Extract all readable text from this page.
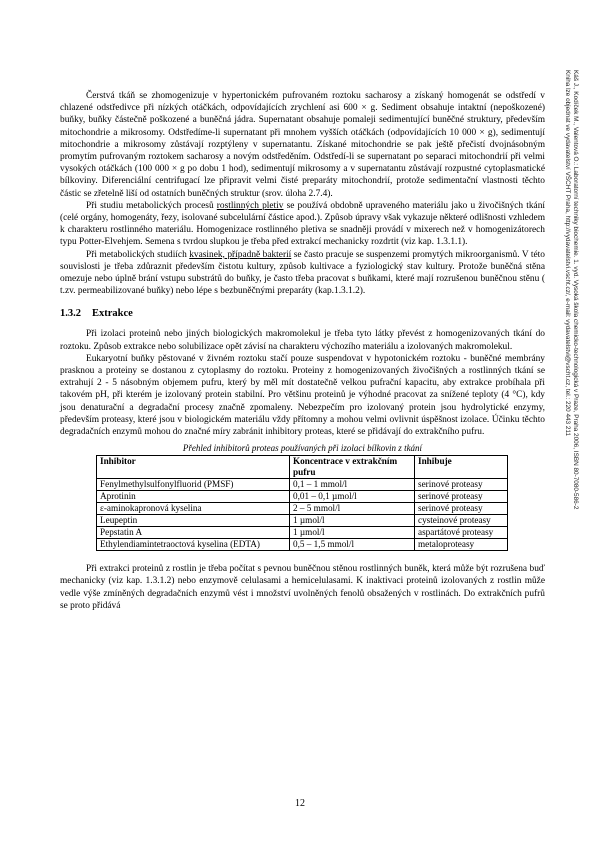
Káš J., Kodíček M., Valentová O.: Laboratorní techniky biochemie. 1. vyd. Vysoká škola chemicko-technologická v Praze, Praha 2006, ISBN 80-7080-586-2
Kniha lze objednat ve vydavatelství VŠCHT Praha, http://vydavatelstvi.vscht.cz/, e-mail: vydavatelstvi@vscht.cz, tel.: 220 443 211

Čerstvá tkáň se zhomogenizuje v hypertonickém pufrovaném roztoku sacharosy a získaný homogenát se odstředí v chlazené odstředivce při nízkých otáčkách, odpovídajících zrychlení asi 600 × g. Sediment obsahuje intaktní (nepoškozené) buňky, buňky částečně poškozené a buněčná jádra. Supernatant obsahuje pomaleji sedimentující buněčné struktury, především mitochondrie a mikrosomy. Odstředíme-li supernatant při mnohem vyšších otáčkách (odpovídajících 10 000 × g), sedimentují mitochondrie a mikrosomy zůstávají rozptýleny v supernatantu. Získané mitochondrie se pak ještě přečistí dvojnásobným promytím pufrovaným roztokem sacharosy a novým odstředěním. Odstředí-li se supernatant po separaci mitochondrií při velmi vysokých otáčkách (100 000 × g po dobu 1 hod), sedimentují mikrosomy a v supernatantu zůstávají rozpustné cytoplasmatické bílkoviny. Diferenciální centrifugací lze připravit velmi čisté preparáty mitochondrií, protože sedimentační vlastnosti těchto částic se zřetelně liší od ostatních buněčných struktur (srov. úloha 2.7.4).

Při studiu metabolických procesů rostlinných pletiv se používá obdobně upraveného materiálu jako u živočišných tkání (celé orgány, homogenáty, řezy, isolované subcelulární částice apod.). Způsob úpravy však vykazuje některé odlišnosti vzhledem k charakteru rostlinného materiálu. Homogenizace rostlinného pletiva se snadněji provádí v mixerech než v homogenizátorech typu Potter-Elvehjem. Semena s tvrdou slupkou je třeba před extrakcí mechanicky rozdrtit (viz kap. 1.3.1.1).

Při metabolických studiích kvasinek, případně bakterií se často pracuje se suspenzemi promytých mikroorganismů. V této souvislosti je třeba zdůraznit především čistotu kultury, způsob kultivace a fyziologický stav kultury. Protože buněčná stěna omezuje nebo úplně brání vstupu substrátů do buňky, je často třeba pracovat s buňkami, které mají rozrušenou buněčnou stěnu ( t.zv. permeabilizované buňky) nebo lépe s bezbuněčnými preparáty (kap.1.3.1.2).

1.3.2 Extrakce

Při izolaci proteinů nebo jiných biologických makromolekul je třeba tyto látky převést z homogenizovaných tkání do roztoku. Způsob extrakce nebo solubilizace opět závisí na charakteru výchozího materiálu a izolovaných makromolekul.

Eukaryotní buňky pěstované v živném roztoku stačí pouze suspendovat v hypotonickém roztoku - buněčné membrány prasknou a proteiny se dostanou z cytoplasmy do roztoku. Proteiny z homogenizovaných živočišných a rostlinných tkání se extrahují 2 - 5 násobným objemem pufru, který by měl mít dostatečně velkou pufrační kapacitu, aby extrakce probíhala při takovém pH, při kterém je izolovaný protein stabilní. Pro většinu proteinů je výhodné pracovat za snížené teploty (4 °C), kdy jsou denaturační a degradační procesy značně zpomaleny. Nebezpečím pro izolovaný protein jsou hydrolytické enzymy, především proteasy, které jsou v biologickém materiálu vždy přítomny a mohou velmi ovlivnit úspěšnost izolace. Účinku těchto degradačních enzymů mohou do značné míry zabránit inhibitory proteas, které se přidávají do extrakčního pufru.

Přehled inhibitorů proteas používaných při izolaci bílkovin z tkání
Inhibitor	Koncentrace v extrakčním pufru	Inhibuje
Fenylmethylsulfonylfluorid (PMSF)	0,1 – 1 mmol/l	serinové proteasy
Aprotinin	0,01 – 0,1 µmol/l	serinové proteasy
ε-aminokapronová kyselina	2 – 5 mmol/l	serinové proteasy
Leupeptin	1 µmol/l	cysteinové proteasy
Pepstatin A	1 µmol/l	aspartátové proteasy
Ethylendiamintetraoctová kyselina (EDTA)	0,5 – 1,5 mmol/l	metaloproteasy

Při extrakci proteinů z rostlin je třeba počítat s pevnou buněčnou stěnou rostlinných buněk, která může být rozrušena buď mechanicky (viz kap. 1.3.1.2) nebo enzymově celulasami a hemicelulasami. K inaktivaci proteinů izolovaných z rostlin může vedle výše zmíněných degradačních enzymů vést i množství uvolněných fenolů obsažených v rostlinách. Do extrakčních pufrů se proto přidává

12
